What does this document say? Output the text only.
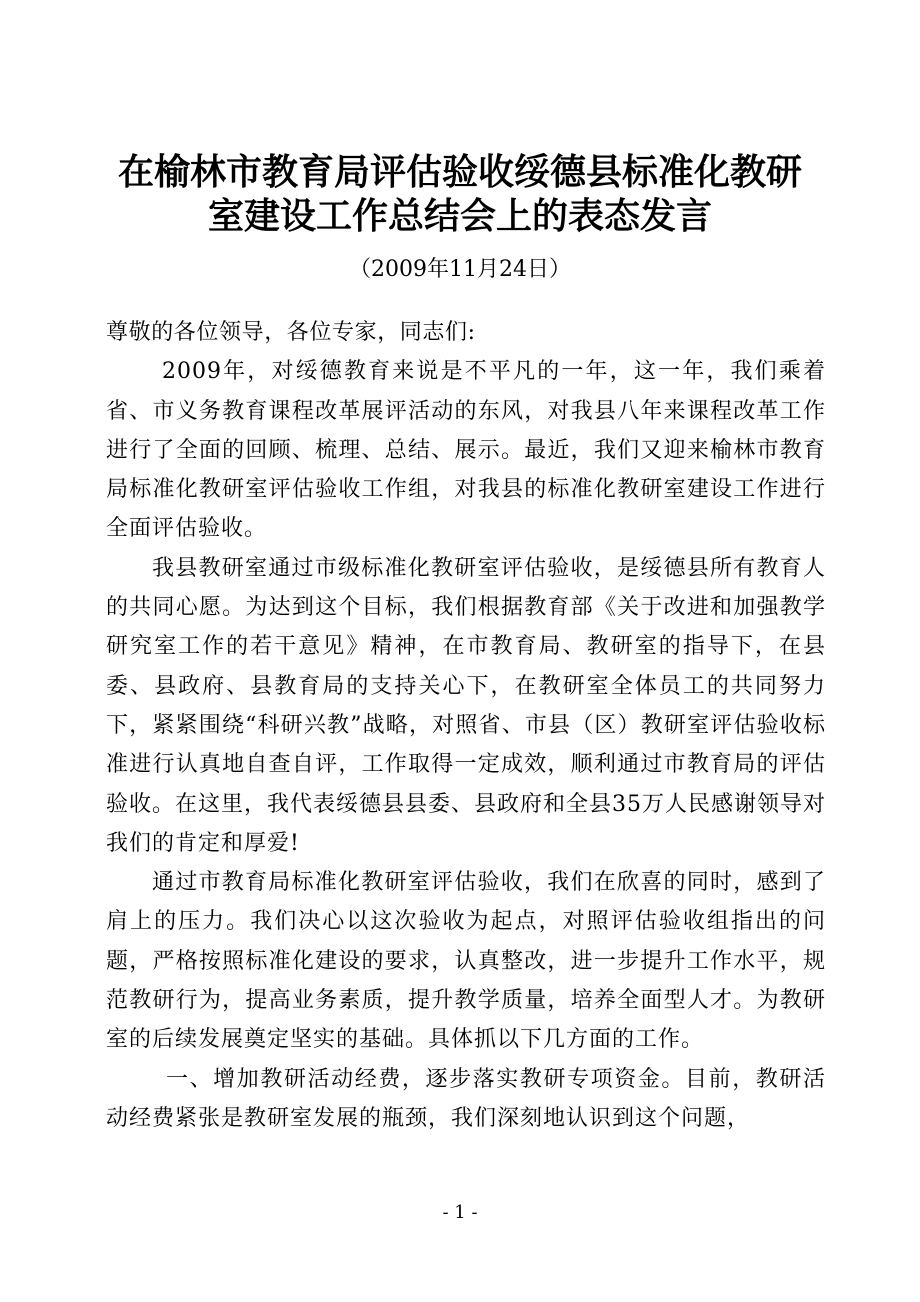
在榆林市教育局评估验收绥德县标准化教研
室建设工作总结会上的表态发言
（2009年11月24日）

尊敬的各位领导，各位专家，同志们:

2009年，对绥德教育来说是不平凡的一年，这一年，我们乘着省、市义务教育课程改革展评活动的东风，对我县八年来课程改革工作进行了全面的回顾、梳理、总结、展示。最近，我们又迎来榆林市教育局标准化教研室评估验收工作组，对我县的标准化教研室建设工作进行全面评估验收。

我县教研室通过市级标准化教研室评估验收，是绥德县所有教育人的共同心愿。为达到这个目标，我们根据教育部《关于改进和加强教学研究室工作的若干意见》精神，在市教育局、教研室的指导下，在县委、县政府、县教育局的支持关心下，在教研室全体员工的共同努力下，紧紧围绕“科研兴教”战略，对照省、市县（区）教研室评估验收标准进行认真地自查自评，工作取得一定成效，顺利通过市教育局的评估验收。在这里，我代表绥德县县委、县政府和全县35万人民感谢领导对我们的肯定和厚爱!

通过市教育局标准化教研室评估验收，我们在欣喜的同时，感到了肩上的压力。我们决心以这次验收为起点，对照评估验收组指出的问题，严格按照标准化建设的要求，认真整改，进一步提升工作水平，规范教研行为，提高业务素质，提升教学质量，培养全面型人才。为教研室的后续发展奠定坚实的基础。具体抓以下几方面的工作。

一、增加教研活动经费，逐步落实教研专项资金。目前，教研活动经费紧张是教研室发展的瓶颈，我们深刻地认识到这个问题，

- 1 -
